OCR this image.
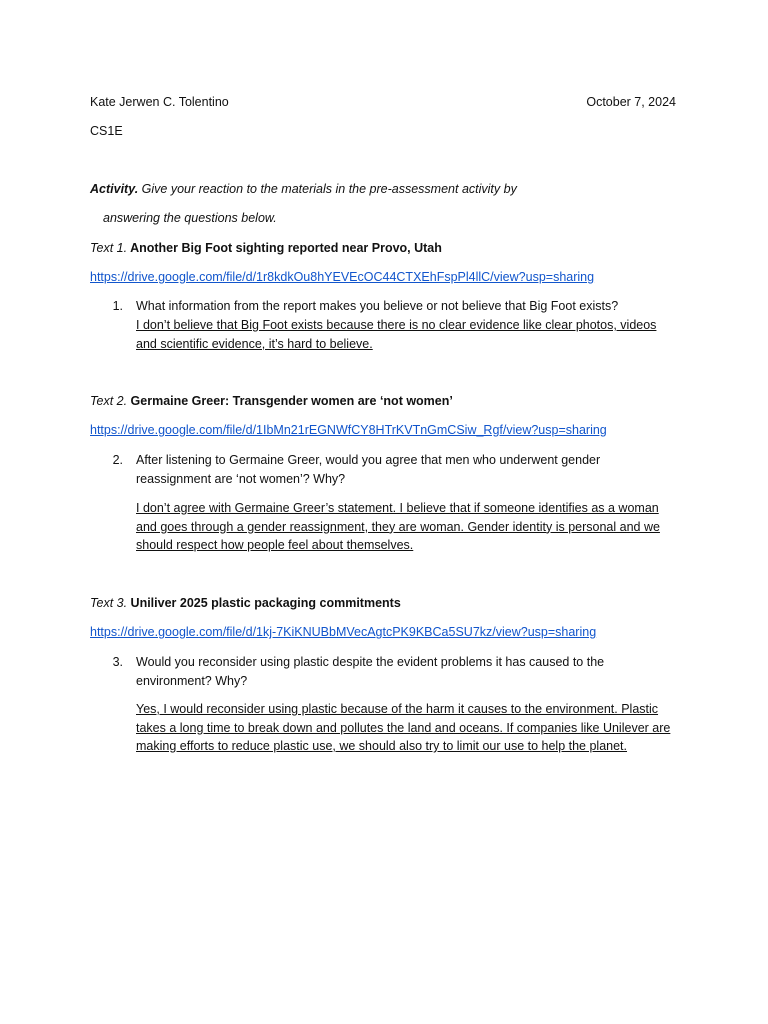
Kate Jerwen C. Tolentino	October 7, 2024
CS1E
Activity. Give your reaction to the materials in the pre-assessment activity by
answering the questions below.
Text 1. Another Big Foot sighting reported near Provo, Utah
https://drive.google.com/file/d/1r8kdkOu8hYEVEcOC44CTXEhFspPl4llC/view?usp=sharing
1. What information from the report makes you believe or not believe that Big Foot exists?
I don’t believe that Big Foot exists because there is no clear evidence like clear photos, videos and scientific evidence, it’s hard to believe.
Text 2. Germaine Greer: Transgender women are ‘not women’
https://drive.google.com/file/d/1IbMn21rEGNWfCY8HTrKVTnGmCSiw_Rgf/view?usp=sharing
2. After listening to Germaine Greer, would you agree that men who underwent gender reassignment are ‘not women’? Why?
I don’t agree with Germaine Greer’s statement. I believe that if someone identifies as a woman and goes through a gender reassignment, they are woman. Gender identity is personal and we should respect how people feel about themselves.
Text 3. Uniliver 2025 plastic packaging commitments
https://drive.google.com/file/d/1kj-7KiKNUBbMVecAgtcPK9KBCa5SU7kz/view?usp=sharing
3. Would you reconsider using plastic despite the evident problems it has caused to the environment? Why?
Yes, I would reconsider using plastic because of the harm it causes to the environment. Plastic takes a long time to break down and pollutes the land and oceans. If companies like Unilever are making efforts to reduce plastic use, we should also try to limit our use to help the planet.
